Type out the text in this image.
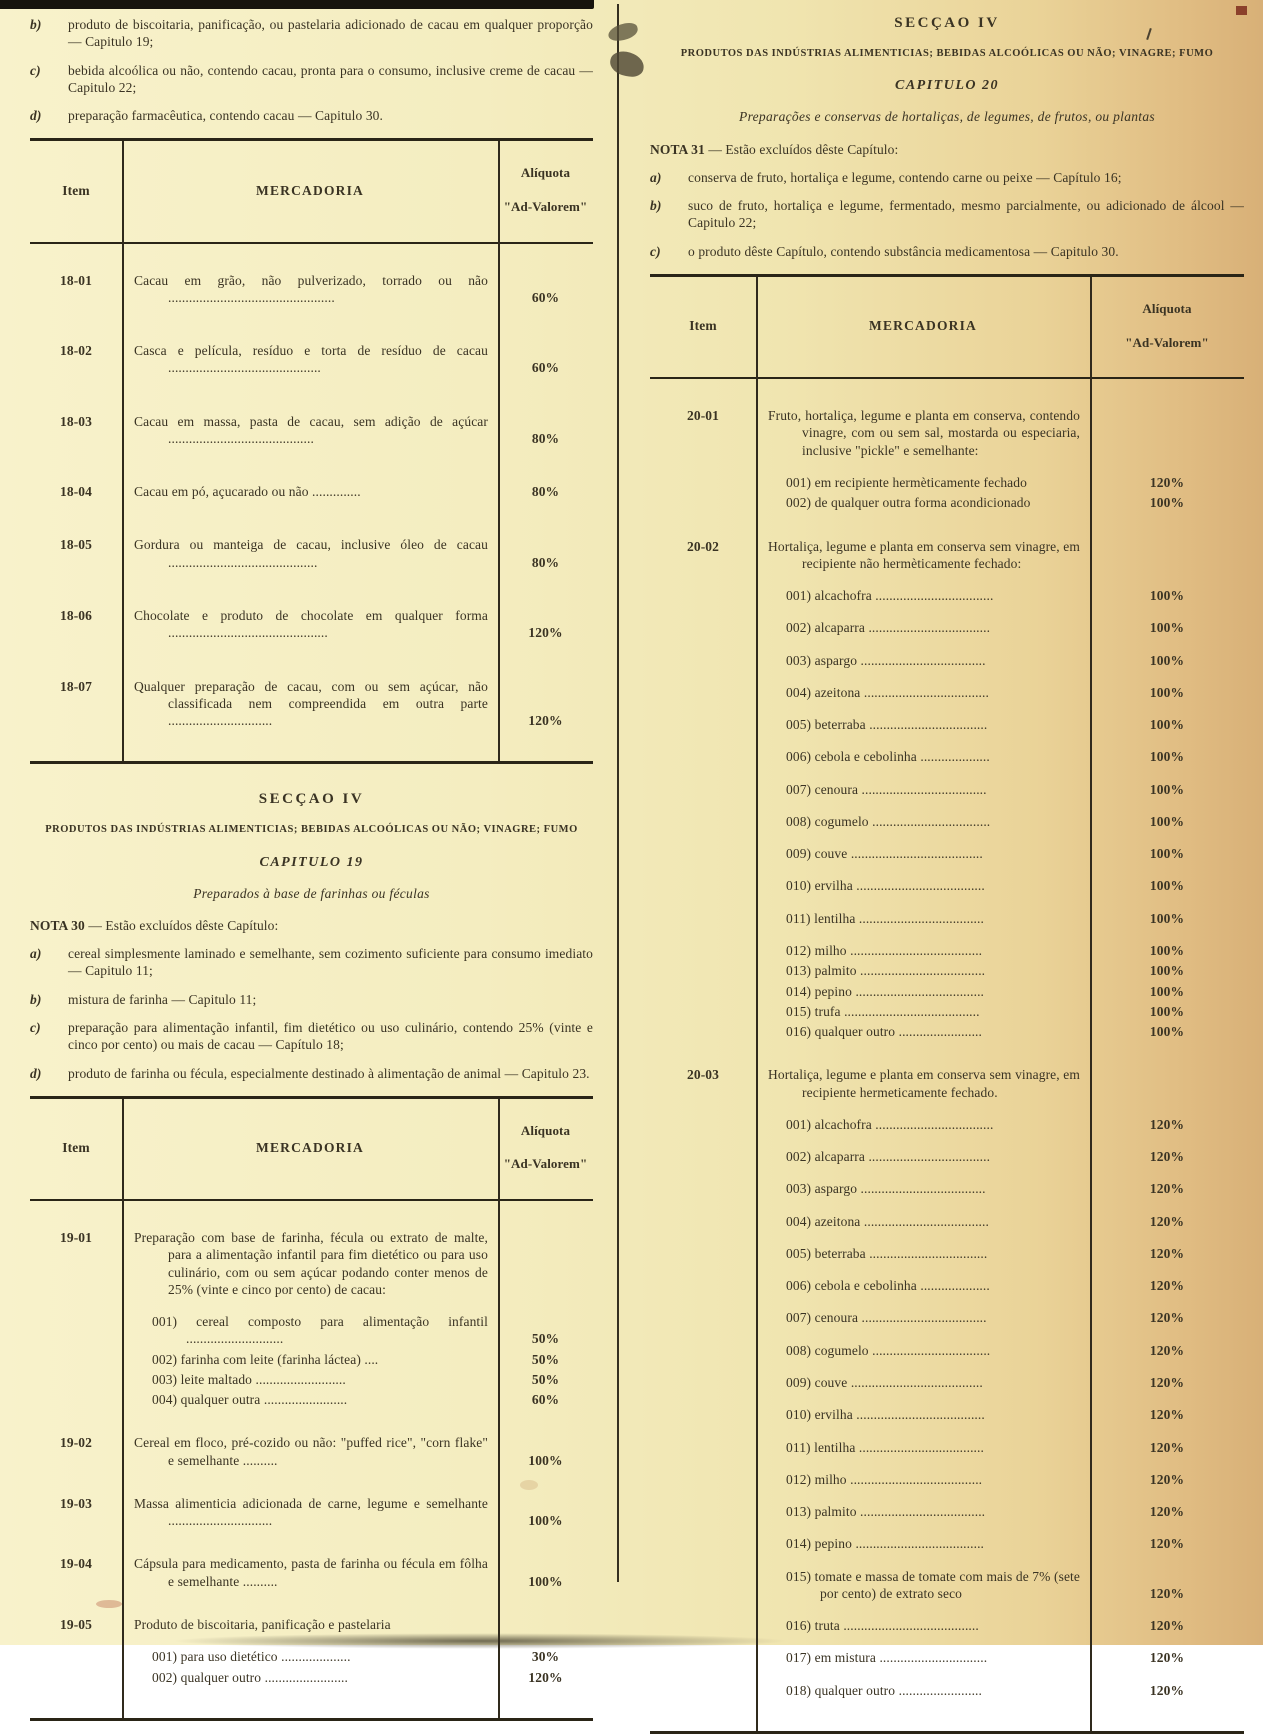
b)	produto de biscoitaria, panificação, ou pastelaria adicionado de cacau em qualquer proporção — Capitulo 19;
c)	bebida alcoólica ou não, contendo cacau, pronta para o consumo, inclusive creme de cacau — Capitulo 22;
d)	preparação farmacêutica, contendo cacau — Capitulo 30.
Item	MERCADORIA
Alíquota
"Ad-Valorem"
18-01	Cacau em grão, não pulverizado, torrado ou não ................................................	60%
18-02	Casca e película, resíduo e torta de resíduo de cacau ............................................	60%
18-03	Cacau em massa, pasta de cacau, sem adição de açúcar ..........................................	80%
18-04	Cacau em pó, açucarado ou não ..............	80%
18-05	Gordura ou manteiga de cacau, inclusive óleo de cacau ...........................................	80%
18-06	Chocolate e produto de chocolate em qualquer forma ..............................................	120%
18-07	Qualquer preparação de cacau, com ou sem açúcar, não classificada nem compreendida em outra parte ..............................	120%
SECÇAO IV
PRODUTOS DAS INDÚSTRIAS ALIMENTICIAS; BEBIDAS ALCOÓLICAS OU NÃO; VINAGRE; FUMO
CAPITULO 19
Preparados à base de farinhas ou féculas
NOTA 30 — Estão excluídos dêste Capítulo:
a)	cereal simplesmente laminado e semelhante, sem cozimento suficiente para consumo imediato — Capitulo 11;
b)	mistura de farinha — Capitulo 11;
c)	preparação para alimentação infantil, fim dietético ou uso culinário, contendo 25% (vinte e cinco por cento) ou mais de cacau — Capítulo 18;
d)	produto de farinha ou fécula, especialmente destinado à alimentação de animal — Capitulo 23.
Item	MERCADORIA
Alíquota
"Ad-Valorem"
19-01	Preparação com base de farinha, fécula ou extrato de malte, para a alimentação infantil para fim dietético ou para uso culinário, com ou sem açúcar podando conter menos de 25% (vinte e cinco por cento) de cacau:
001) cereal composto para alimentação infantil ............................	50%
002) farinha com leite (farinha láctea) ....	50%
003) leite maltado ..........................	50%
004) qualquer outra ........................	60%
19-02	Cereal em floco, pré-cozido ou não: "puffed rice", "corn flake" e semelhante ..........	100%
19-03	Massa alimenticia adicionada de carne, legume e semelhante ..............................	100%
19-04	Cápsula para medicamento, pasta de farinha ou fécula em fôlha e semelhante ..........	100%
19-05	Produto de biscoitaria, panificação e pastelaria
001) para uso dietético ....................	30%
002) qualquer outro ........................	120%
SECÇAO IV
PRODUTOS DAS INDÚSTRIAS ALIMENTICIAS; BEBIDAS ALCOÓLICAS OU NÃO; VINAGRE; FUMO
CAPITULO 20
Preparações e conservas de hortaliças, de legumes, de frutos, ou plantas
NOTA 31 — Estão excluídos dêste Capítulo:
a)	conserva de fruto, hortaliça e legume, contendo carne ou peixe — Capítulo 16;
b)	suco de fruto, hortaliça e legume, fermentado, mesmo parcialmente, ou adicionado de álcool — Capitulo 22;
c)	o produto dêste Capítulo, contendo substância medicamentosa — Capitulo 30.
Item	MERCADORIA
Alíquota
"Ad-Valorem"
20-01	Fruto, hortaliça, legume e planta em conserva, contendo vinagre, com ou sem sal, mostarda ou especiaria, inclusive "pickle" e semelhante:
001) em recipiente hermèticamente fechado	120%
002) de qualquer outra forma acondicionado	100%
20-02	Hortaliça, legume e planta em conserva sem vinagre, em recipiente não hermèticamente fechado:
001) alcachofra ..................................	100%
002) alcaparra ...................................	100%
003) aspargo ....................................	100%
004) azeitona ....................................	100%
005) beterraba ..................................	100%
006) cebola e cebolinha ....................	100%
007) cenoura ....................................	100%
008) cogumelo ..................................	100%
009) couve ......................................	100%
010) ervilha .....................................	100%
011) lentilha ....................................	100%
012) milho ......................................	100%
013) palmito ....................................	100%
014) pepino .....................................	100%
015) trufa .......................................	100%
016) qualquer outro ........................	100%
20-03	Hortaliça, legume e planta em conserva sem vinagre, em recipiente hermeticamente fechado.
001) alcachofra ..................................	120%
002) alcaparra ...................................	120%
003) aspargo ....................................	120%
004) azeitona ....................................	120%
005) beterraba ..................................	120%
006) cebola e cebolinha ....................	120%
007) cenoura ....................................	120%
008) cogumelo ..................................	120%
009) couve ......................................	120%
010) ervilha .....................................	120%
011) lentilha ....................................	120%
012) milho ......................................	120%
013) palmito ....................................	120%
014) pepino .....................................	120%
015) tomate e massa de tomate com mais de 7% (sete por cento) de extrato seco	120%
016) truta .......................................	120%
017) em mistura ...............................	120%
018) qualquer outro ........................	120%
